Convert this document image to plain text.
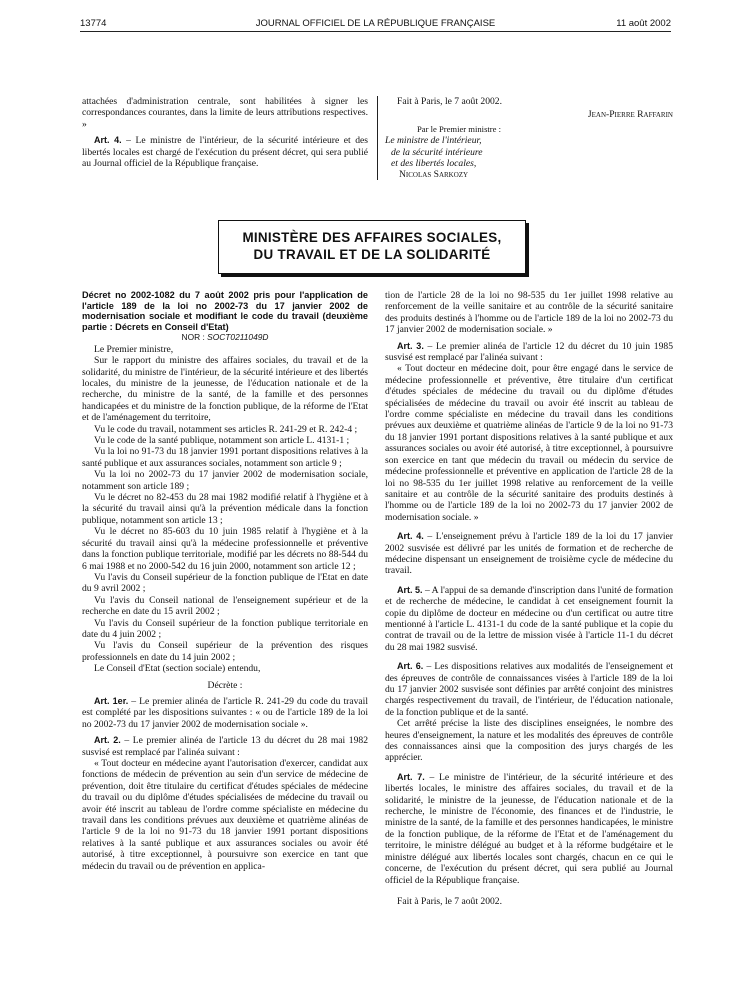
13774	JOURNAL OFFICIEL DE LA RÉPUBLIQUE FRANÇAISE	11 août 2002

attachées d'administration centrale, sont habilitées à signer les correspondances courantes, dans la limite de leurs attributions respectives. »

Art. 4. – Le ministre de l'intérieur, de la sécurité intérieure et des libertés locales est chargé de l'exécution du présent décret, qui sera publié au Journal officiel de la République française.

Fait à Paris, le 7 août 2002.

Jean-Pierre Raffarin

Par le Premier ministre :

Le ministre de l'intérieur,

de la sécurité intérieure

et des libertés locales,

Nicolas Sarkozy

MINISTÈRE DES AFFAIRES SOCIALES,
DU TRAVAIL ET DE LA SOLIDARITÉ

Décret no 2002-1082 du 7 août 2002 pris pour l'application de l'article 189 de la loi no 2002-73 du 17 janvier 2002 de modernisation sociale et modifiant le code du travail (deuxième partie : Décrets en Conseil d'Etat)

NOR : SOCT0211049D

Le Premier ministre,

Sur le rapport du ministre des affaires sociales, du travail et de la solidarité, du ministre de l'intérieur, de la sécurité intérieure et des libertés locales, du ministre de la jeunesse, de l'éducation nationale et de la recherche, du ministre de la santé, de la famille et des personnes handicapées et du ministre de la fonction publique, de la réforme de l'Etat et de l'aménagement du territoire,

Vu le code du travail, notamment ses articles R. 241-29 et R. 242-4 ;

Vu le code de la santé publique, notamment son article L. 4131-1 ;

Vu la loi no 91-73 du 18 janvier 1991 portant dispositions relatives à la santé publique et aux assurances sociales, notamment son article 9 ;

Vu la loi no 2002-73 du 17 janvier 2002 de modernisation sociale, notamment son article 189 ;

Vu le décret no 82-453 du 28 mai 1982 modifié relatif à l'hygiène et à la sécurité du travail ainsi qu'à la prévention médicale dans la fonction publique, notamment son article 13 ;

Vu le décret no 85-603 du 10 juin 1985 relatif à l'hygiène et à la sécurité du travail ainsi qu'à la médecine professionnelle et préventive dans la fonction publique territoriale, modifié par les décrets no 88-544 du 6 mai 1988 et no 2000-542 du 16 juin 2000, notamment son article 12 ;

Vu l'avis du Conseil supérieur de la fonction publique de l'Etat en date du 9 avril 2002 ;

Vu l'avis du Conseil national de l'enseignement supérieur et de la recherche en date du 15 avril 2002 ;

Vu l'avis du Conseil supérieur de la fonction publique territoriale en date du 4 juin 2002 ;

Vu l'avis du Conseil supérieur de la prévention des risques professionnels en date du 14 juin 2002 ;

Le Conseil d'Etat (section sociale) entendu,

Décrète :

Art. 1er. – Le premier alinéa de l'article R. 241-29 du code du travail est complété par les dispositions suivantes : « ou de l'article 189 de la loi no 2002-73 du 17 janvier 2002 de modernisation sociale ».

Art. 2. – Le premier alinéa de l'article 13 du décret du 28 mai 1982 susvisé est remplacé par l'alinéa suivant :

« Tout docteur en médecine ayant l'autorisation d'exercer, candidat aux fonctions de médecin de prévention au sein d'un service de médecine de prévention, doit être titulaire du certificat d'études spéciales de médecine du travail ou du diplôme d'études spécialisées de médecine du travail ou avoir été inscrit au tableau de l'ordre comme spécialiste en médecine du travail dans les conditions prévues aux deuxième et quatrième alinéas de l'article 9 de la loi no 91-73 du 18 janvier 1991 portant dispositions relatives à la santé publique et aux assurances sociales ou avoir été autorisé, à titre exceptionnel, à poursuivre son exercice en tant que médecin du travail ou de prévention en applica-

tion de l'article 28 de la loi no 98-535 du 1er juillet 1998 relative au renforcement de la veille sanitaire et au contrôle de la sécurité sanitaire des produits destinés à l'homme ou de l'article 189 de la loi no 2002-73 du 17 janvier 2002 de modernisation sociale. »

Art. 3. – Le premier alinéa de l'article 12 du décret du 10 juin 1985 susvisé est remplacé par l'alinéa suivant :

« Tout docteur en médecine doit, pour être engagé dans le service de médecine professionnelle et préventive, être titulaire d'un certificat d'études spéciales de médecine du travail ou du diplôme d'études spécialisées de médecine du travail ou avoir été inscrit au tableau de l'ordre comme spécialiste en médecine du travail dans les conditions prévues aux deuxième et quatrième alinéas de l'article 9 de la loi no 91-73 du 18 janvier 1991 portant dispositions relatives à la santé publique et aux assurances sociales ou avoir été autorisé, à titre exceptionnel, à poursuivre son exercice en tant que médecin du travail ou médecin du service de médecine professionnelle et préventive en application de l'article 28 de la loi no 98-535 du 1er juillet 1998 relative au renforcement de la veille sanitaire et au contrôle de la sécurité sanitaire des produits destinés à l'homme ou de l'article 189 de la loi no 2002-73 du 17 janvier 2002 de modernisation sociale. »

Art. 4. – L'enseignement prévu à l'article 189 de la loi du 17 janvier 2002 susvisée est délivré par les unités de formation et de recherche de médecine dispensant un enseignement de troisième cycle de médecine du travail.

Art. 5. – A l'appui de sa demande d'inscription dans l'unité de formation et de recherche de médecine, le candidat à cet enseignement fournit la copie du diplôme de docteur en médecine ou d'un certificat ou autre titre mentionné à l'article L. 4131-1 du code de la santé publique et la copie du contrat de travail ou de la lettre de mission visée à l'article 11-1 du décret du 28 mai 1982 susvisé.

Art. 6. – Les dispositions relatives aux modalités de l'enseignement et des épreuves de contrôle de connaissances visées à l'article 189 de la loi du 17 janvier 2002 susvisée sont définies par arrêté conjoint des ministres chargés respectivement du travail, de l'intérieur, de l'éducation nationale, de la fonction publique et de la santé.

Cet arrêté précise la liste des disciplines enseignées, le nombre des heures d'enseignement, la nature et les modalités des épreuves de contrôle des connaissances ainsi que la composition des jurys chargés de les apprécier.

Art. 7. – Le ministre de l'intérieur, de la sécurité intérieure et des libertés locales, le ministre des affaires sociales, du travail et de la solidarité, le ministre de la jeunesse, de l'éducation nationale et de la recherche, le ministre de l'économie, des finances et de l'industrie, le ministre de la santé, de la famille et des personnes handicapées, le ministre de la fonction publique, de la réforme de l'Etat et de l'aménagement du territoire, le ministre délégué au budget et à la réforme budgétaire et le ministre délégué aux libertés locales sont chargés, chacun en ce qui le concerne, de l'exécution du présent décret, qui sera publié au Journal officiel de la République française.

Fait à Paris, le 7 août 2002.
